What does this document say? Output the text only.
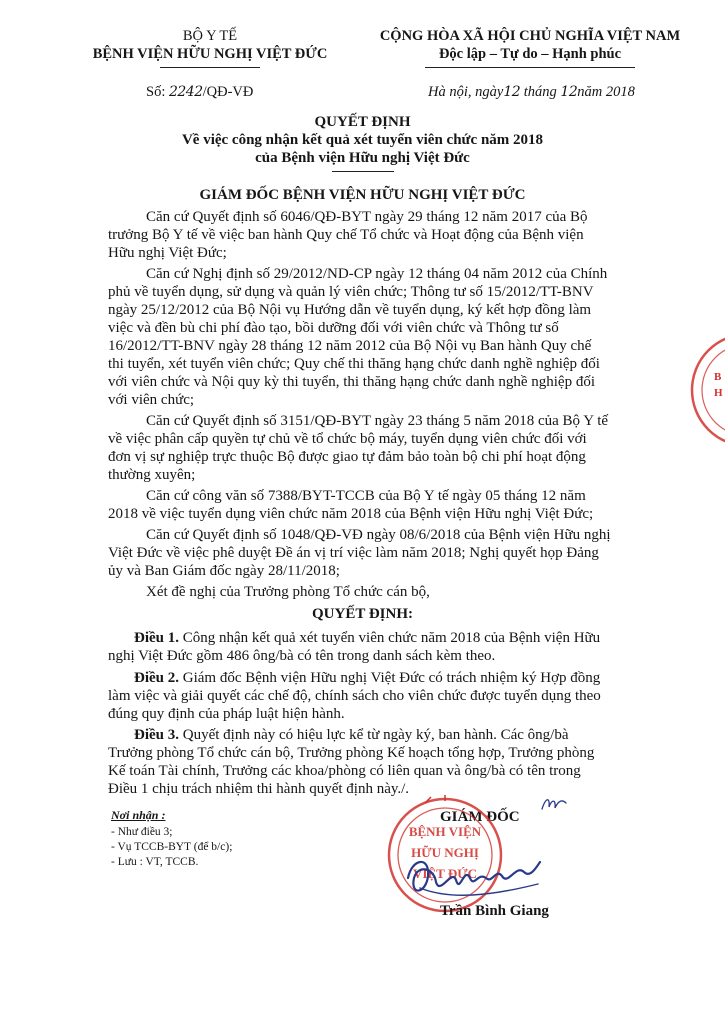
BỘ Y TẾ
BỆNH VIỆN HỮU NGHỊ VIỆT ĐỨC
CỘNG HÒA XÃ HỘI CHỦ NGHĨA VIỆT NAM
Độc lập – Tự do – Hạnh phúc
Số: 2242/QĐ-VĐ	Hà nội, ngày12 tháng 12năm 2018
QUYẾT ĐỊNH
Về việc công nhận kết quả xét tuyển viên chức năm 2018
của Bệnh viện Hữu nghị Việt Đức
GIÁM ĐỐC BỆNH VIỆN HỮU NGHỊ VIỆT ĐỨC
Căn cứ Quyết định số 6046/QĐ-BYT ngày 29 tháng 12 năm 2017 của Bộ
trưởng Bộ Y tế về việc ban hành Quy chế Tổ chức và Hoạt động của Bệnh viện
Hữu nghị Việt Đức;
Căn cứ Nghị định số 29/2012/ND-CP ngày 12 tháng 04 năm 2012 của Chính
phủ về tuyển dụng, sử dụng và quản lý viên chức; Thông tư số 15/2012/TT-BNV
ngày 25/12/2012 của Bộ Nội vụ Hướng dẫn về tuyển dụng, ký kết hợp đồng làm
việc và đền bù chi phí đào tạo, bồi dưỡng đối với viên chức và Thông tư số
16/2012/TT-BNV ngày 28 tháng 12 năm 2012 của Bộ Nội vụ Ban hành Quy chế
thi tuyển, xét tuyển viên chức; Quy chế thi thăng hạng chức danh nghề nghiệp đối
với viên chức và Nội quy kỳ thi tuyển, thi thăng hạng chức danh nghề nghiệp đối
với viên chức;
Căn cứ Quyết định số 3151/QĐ-BYT ngày 23 tháng 5 năm 2018 của Bộ Y tế
về việc phân cấp quyền tự chủ về tổ chức bộ máy, tuyển dụng viên chức đối với
đơn vị sự nghiệp trực thuộc Bộ được giao tự đảm bảo toàn bộ chi phí hoạt động
thường xuyên;
Căn cứ công văn số 7388/BYT-TCCB của Bộ Y tế ngày 05 tháng 12 năm
2018 về việc tuyển dụng viên chức năm 2018 của Bệnh viện Hữu nghị Việt Đức;
Căn cứ Quyết định số 1048/QĐ-VĐ ngày 08/6/2018 của Bệnh viện Hữu nghị
Việt Đức về việc phê duyệt Đề án vị trí việc làm năm 2018; Nghị quyết họp Đảng
ủy và Ban Giám đốc ngày 28/11/2018;
Xét đề nghị của Trưởng phòng Tổ chức cán bộ,
QUYẾT ĐỊNH:
Điều 1. Công nhận kết quả xét tuyển viên chức năm 2018 của Bệnh viện Hữu
nghị Việt Đức gồm 486 ông/bà có tên trong danh sách kèm theo.
Điều 2. Giám đốc Bệnh viện Hữu nghị Việt Đức có trách nhiệm ký Hợp đồng
làm việc và giải quyết các chế độ, chính sách cho viên chức được tuyển dụng theo
đúng quy định của pháp luật hiện hành.
Điều 3. Quyết định này có hiệu lực kể từ ngày ký, ban hành. Các ông/bà
Trưởng phòng Tổ chức cán bộ, Trưởng phòng Kế hoạch tổng hợp, Trưởng phòng
Kế toán Tài chính, Trưởng các khoa/phòng có liên quan và ông/bà có tên trong
Điều 1 chịu trách nhiệm thi hành quyết định này./.
Nơi nhận :
- Như điều 3;
- Vụ TCCB-BYT (để b/c);
- Lưu : VT, TCCB.
GIÁM ĐỐC
BỆNH VIỆN
HỮU NGHỊ
VIỆT ĐỨC
Trần Bình Giang
B
H
